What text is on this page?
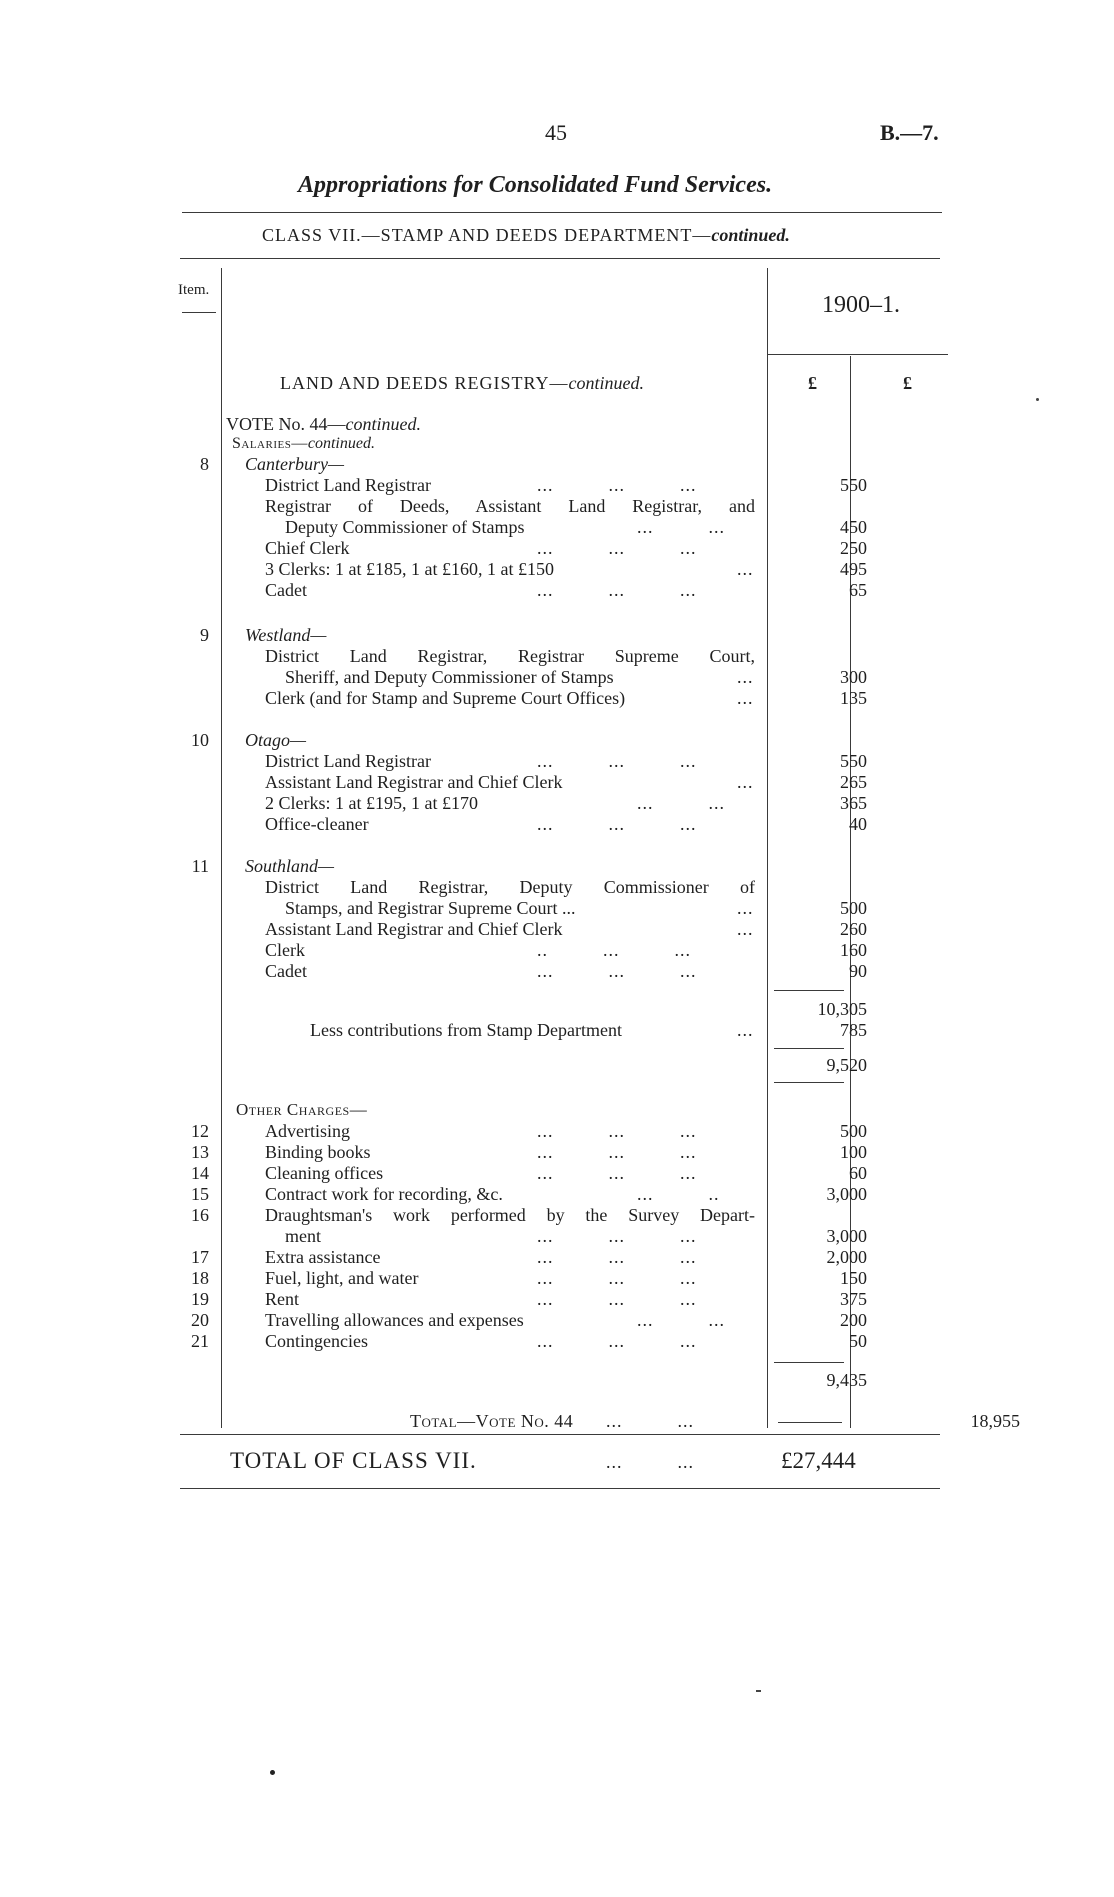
45	B.—7.
Appropriations for Consolidated Fund Services.
CLASS VII.—STAMP AND DEEDS DEPARTMENT—continued.
Item.
1900–1.
LAND AND DEEDS REGISTRY—continued.	£	£
VOTE No. 44—continued.
Salaries—continued.
8 Canterbury—
District Land Registrar	...          ...          ...	550
Registrar of Deeds, Assistant Land Registrar, and
Deputy Commissioner of Stamps	...          ...	450
Chief Clerk	...          ...          ...	250
3 Clerks: 1 at £185, 1 at £160, 1 at £150	...	495
Cadet	...          ...          ...	65
9 Westland—
District Land Registrar, Registrar Supreme Court,
Sheriff, and Deputy Commissioner of Stamps	...	300
Clerk (and for Stamp and Supreme Court Offices)	...	135
10 Otago—
District Land Registrar	...          ...          ...	550
Assistant Land Registrar and Chief Clerk	...	265
2 Clerks: 1 at £195, 1 at £170	...          ...	365
Office-cleaner	...          ...          ...	40
11 Southland—
District Land Registrar, Deputy Commissioner of
Stamps, and Registrar Supreme Court ...	...	500
Assistant Land Registrar and Chief Clerk	...	260
Clerk	..          ...          ...	160
Cadet	...          ...          ...	90
10,305
Less contributions from Stamp Department	...	785
9,520
Other Charges—
12	Advertising	...          ...          ...	500
13	Binding books	...          ...          ...	100
14	Cleaning offices	...          ...          ...	60
15	Contract work for recording, &c.	...          ..	3,000
16	Draughtsman's work performed by the Survey Depart-
ment	...          ...          ...	3,000
17	Extra assistance	...          ...          ...	2,000
18	Fuel, light, and water	...          ...          ...	150
19	Rent	...          ...          ...	375
20	Travelling allowances and expenses	...          ...	200
21	Contingencies	...          ...          ...	50
9,435
Total—Vote No. 44 ...          ...	18,955
TOTAL OF CLASS VII.	...          ...	£27,444
